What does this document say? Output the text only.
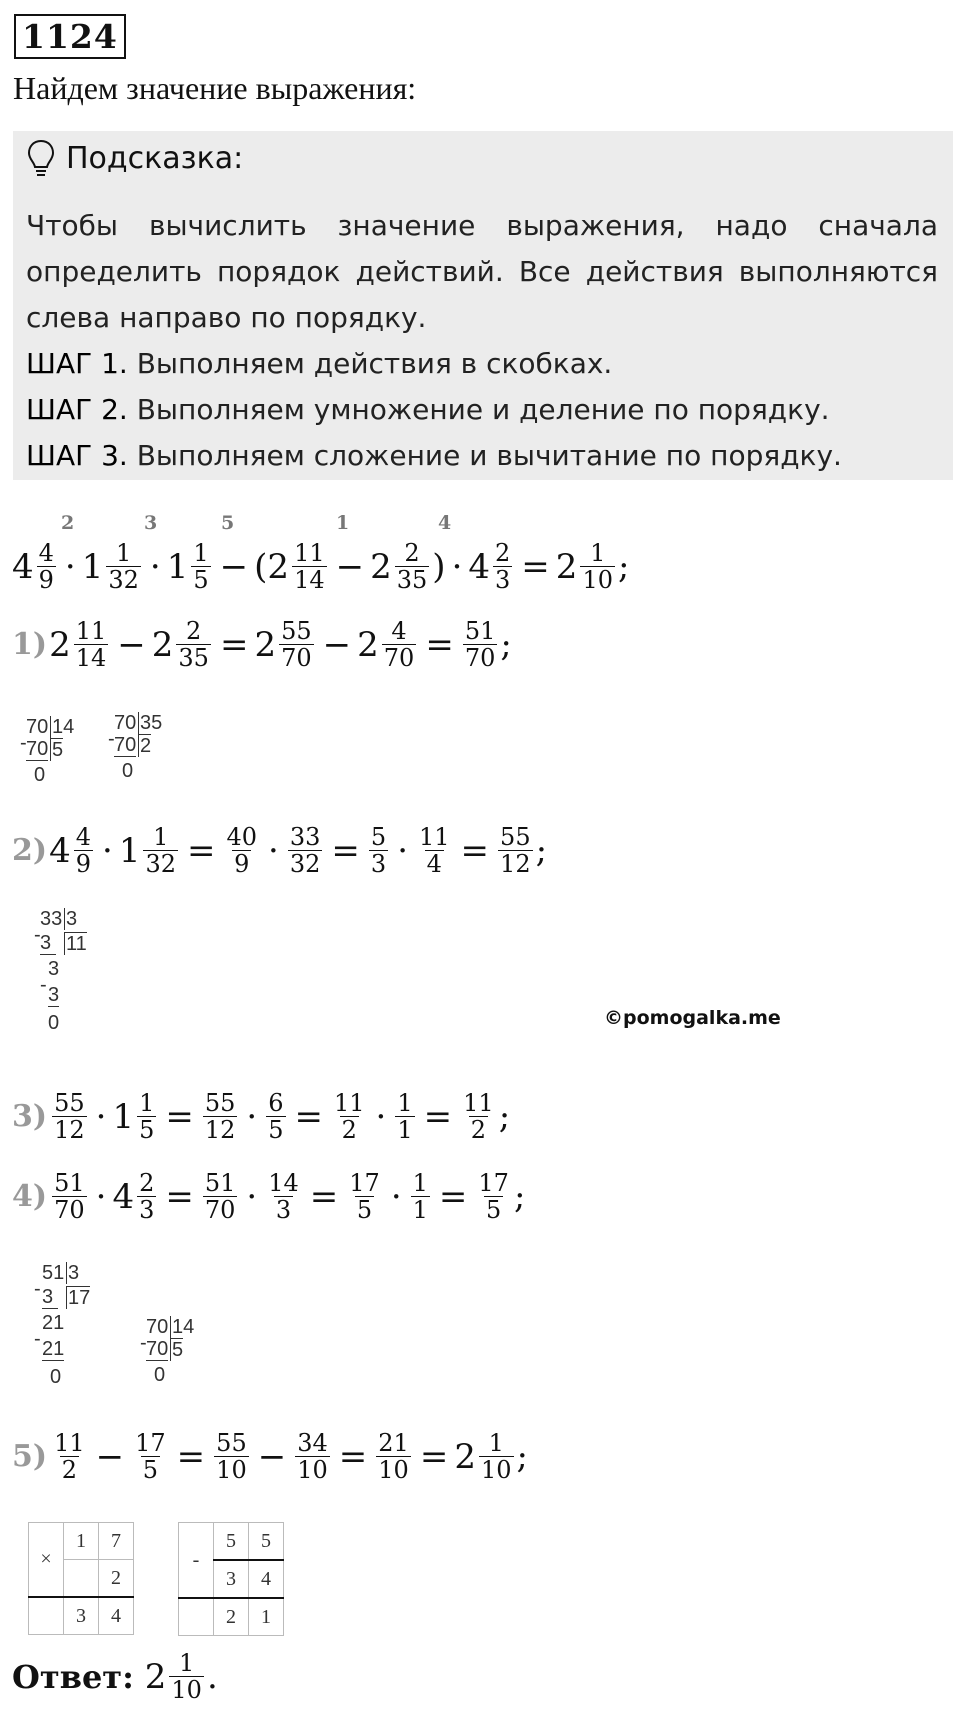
1124
Найдем значение выражения:
Подсказка:

Чтобы вычислить значение выражения, надо сначала определить порядок действий. Все действия выполняются слева направо по порядку.

ШАГ 1. Выполняем действия в скобках.
ШАГ 2. Выполняем умножение и деление по порядку.
ШАГ 3. Выполняем сложение и вычитание по порядку.
2	3	5	1	4
$4 \frac{4}{9} \cdot 1 \frac{1}{32} \cdot 1 \frac{1}{5}$ − ( $2 \frac{11}{14} - 2 \frac{2}{35}$ ) · $4 \frac{2}{3} = 2 \frac{1}{10}$ ;
1) $2 \frac{11}{14} - 2 \frac{2}{35} = 2 \frac{55}{70} - 2 \frac{4}{70} = \frac{51}{70}$ ;
70 14
- 70 5
0
70 35
- 70 2
0
2) $4 \frac{4}{9} \cdot 1 \frac{1}{32} = \frac{40}{9} \cdot \frac{33}{32} = \frac{5}{3} \cdot \frac{11}{4} = \frac{55}{12}$ ;
33 3
- 3 11
3
- 3
0	©pomogalka.me
$3) \frac{55}{12} \cdot 1 \frac{1}{5} = \frac{55}{12} \cdot \frac{6}{5} = \frac{11}{2} \cdot \frac{1}{1} = \frac{11}{2}$ ;
$4) \frac{51}{70} \cdot 4 \frac{2}{3} = \frac{51}{70} \cdot \frac{14}{3} = \frac{17}{5} \cdot \frac{1}{1} = \frac{17}{5}$ ;
51 3
- 3 17
21
- 21
0
70 14
- 70 5
0
$5) \frac{11}{2} - \frac{17}{5} = \frac{55}{10} - \frac{34}{10} = \frac{21}{10} = 2 \frac{1}{10}$ ;
×	1	7
		2
	3	4
-	5	5
	3	4
	2	1
Ответ:
$2 \frac{1}{10}$ .
